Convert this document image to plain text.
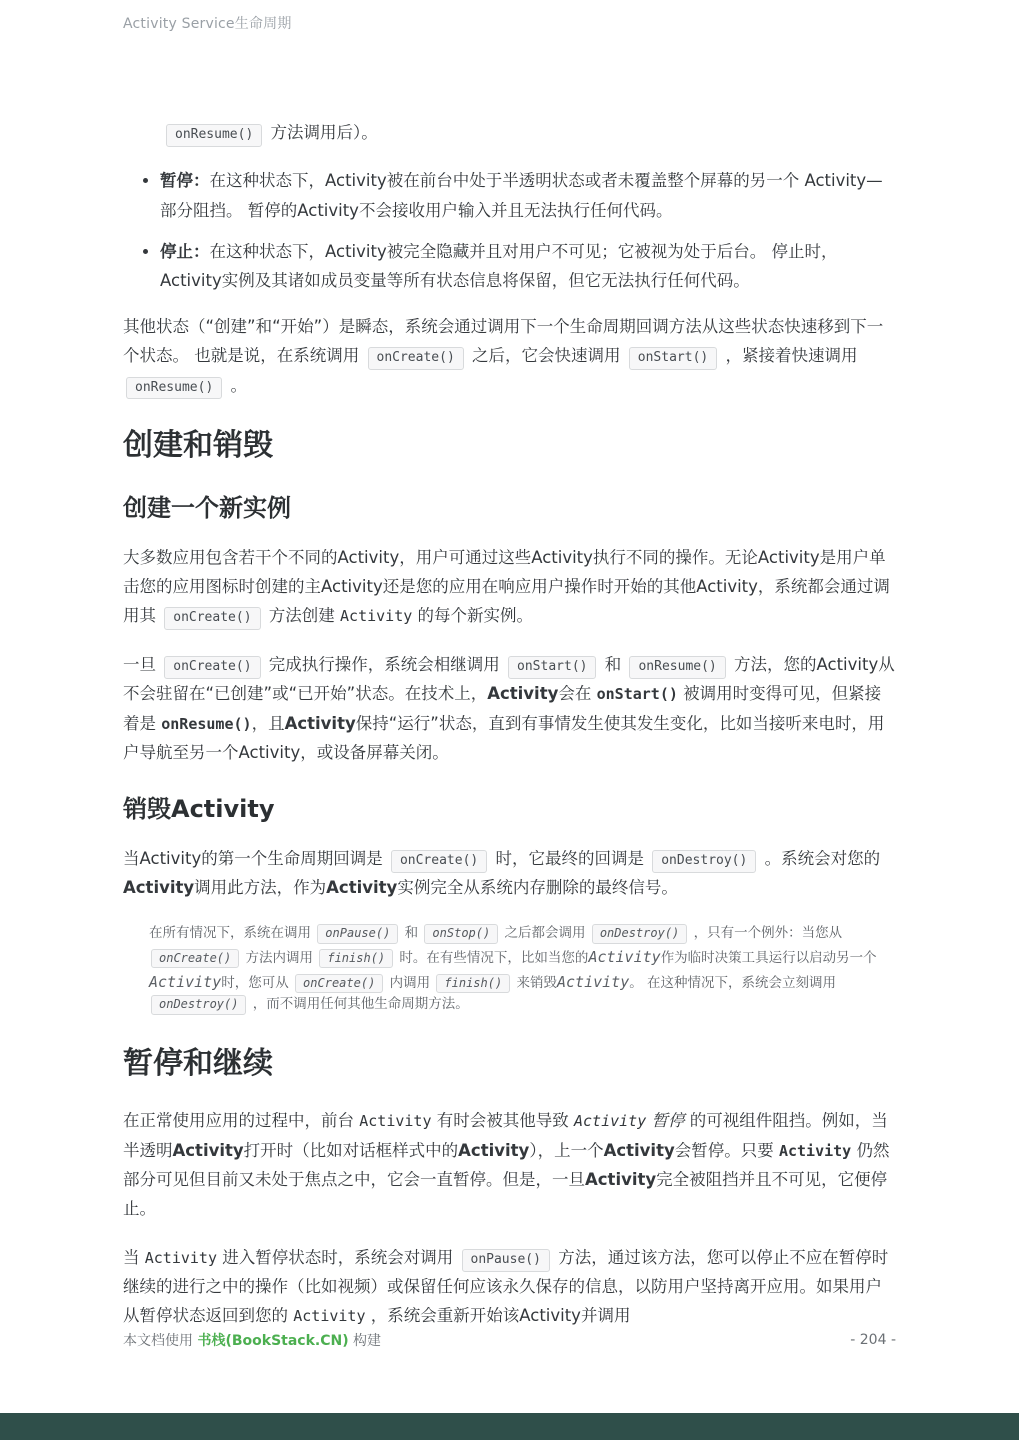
Activity Service生命周期

onResume() 方法调用后）。

• 暂停：在这种状态下，Activity被在前台中处于半透明状态或者未覆盖整个屏幕的另一个 Activity—部分阻挡。 暂停的Activity不会接收用户输入并且无法执行任何代码。
• 停止：在这种状态下，Activity被完全隐藏并且对用户不可见；它被视为处于后台。 停止时，Activity实例及其诸如成员变量等所有状态信息将保留，但它无法执行任何代码。

其他状态（“创建”和“开始”）是瞬态，系统会通过调用下一个生命周期回调方法从这些状态快速移到下一个状态。 也就是说，在系统调用 onCreate() 之后，它会快速调用 onStart() ，紧接着快速调用 onResume() 。

创建和销毁
创建一个新实例

大多数应用包含若干个不同的Activity，用户可通过这些Activity执行不同的操作。无论Activity是用户单击您的应用图标时创建的主Activity还是您的应用在响应用户操作时开始的其他Activity，系统都会通过调用其 onCreate() 方法创建 Activity 的每个新实例。

一旦 onCreate() 完成执行操作，系统会相继调用 onStart() 和 onResume() 方法，您的Activity从不会驻留在“已创建”或“已开始”状态。在技术上，Activity会在 onStart() 被调用时变得可见，但紧接着是 onResume()，且Activity保持“运行”状态，直到有事情发生使其发生变化，比如当接听来电时，用户导航至另一个Activity，或设备屏幕关闭。

销毁Activity

当Activity的第一个生命周期回调是 onCreate() 时，它最终的回调是 onDestroy() 。系统会对您的Activity调用此方法，作为Activity实例完全从系统内存删除的最终信号。

在所有情况下，系统在调用 onPause() 和 onStop() 之后都会调用 onDestroy() ，只有一个例外：当您从 onCreate() 方法内调用 finish() 时。在有些情况下，比如当您的Activity作为临时决策工具运行以启动另一个Activity时，您可从 onCreate() 内调用 finish() 来销毁Activity。 在这种情况下，系统会立刻调用 onDestroy() ，而不调用任何其他生命周期方法。
暂停和继续

在正常使用应用的过程中，前台 Activity 有时会被其他导致 Activity 暂停 的可视组件阻挡。例如，当半透明Activity打开时（比如对话框样式中的Activity），上一个Activity会暂停。只要 Activity 仍然部分可见但目前又未处于焦点之中，它会一直暂停。但是，一旦Activity完全被阻挡并且不可见，它便停止。

当 Activity 进入暂停状态时，系统会对调用 onPause() 方法，通过该方法，您可以停止不应在暂停时继续的进行之中的操作（比如视频）或保留任何应该永久保存的信息，以防用户坚持离开应用。如果用户从暂停状态返回到您的 Activity ，系统会重新开始该Activity并调用

本文档使用 书栈(BookStack.CN) 构建	- 204 -
